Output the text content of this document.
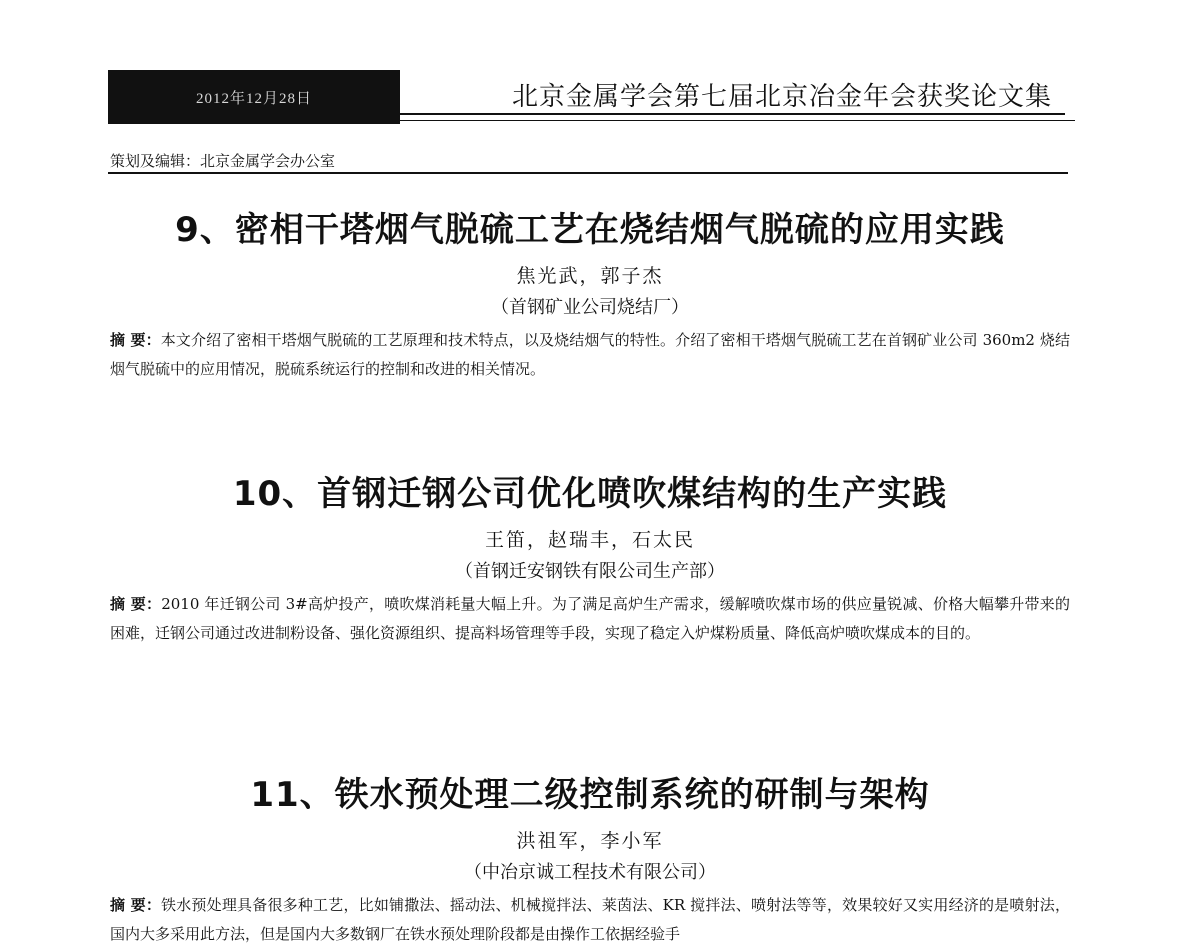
2012年12月28日	北京金属学会第七届北京冶金年会获奖论文集
策划及编辑：北京金属学会办公室
9、密相干塔烟气脱硫工艺在烧结烟气脱硫的应用实践
焦光武，郭子杰
（首钢矿业公司烧结厂）
摘 要：本文介绍了密相干塔烟气脱硫的工艺原理和技术特点，以及烧结烟气的特性。介绍了密相干塔烟气脱硫工艺在首钢矿业公司 360m2 烧结烟气脱硫中的应用情况，脱硫系统运行的控制和改进的相关情况。
10、首钢迁钢公司优化喷吹煤结构的生产实践
王笛，赵瑞丰，石太民
（首钢迁安钢铁有限公司生产部）
摘 要：2010 年迁钢公司 3#高炉投产，喷吹煤消耗量大幅上升。为了满足高炉生产需求，缓解喷吹煤市场的供应量锐减、价格大幅攀升带来的困难，迁钢公司通过改进制粉设备、强化资源组织、提高料场管理等手段，实现了稳定入炉煤粉质量、降低高炉喷吹煤成本的目的。
11、铁水预处理二级控制系统的研制与架构
洪祖军，李小军
（中冶京诚工程技术有限公司）
摘 要：铁水预处理具备很多种工艺，比如铺撒法、摇动法、机械搅拌法、莱茵法、KR 搅拌法、喷射法等等，效果较好又实用经济的是喷射法，国内大多采用此方法，但是国内大多数钢厂在铁水预处理阶段都是由操作工依据经验手
